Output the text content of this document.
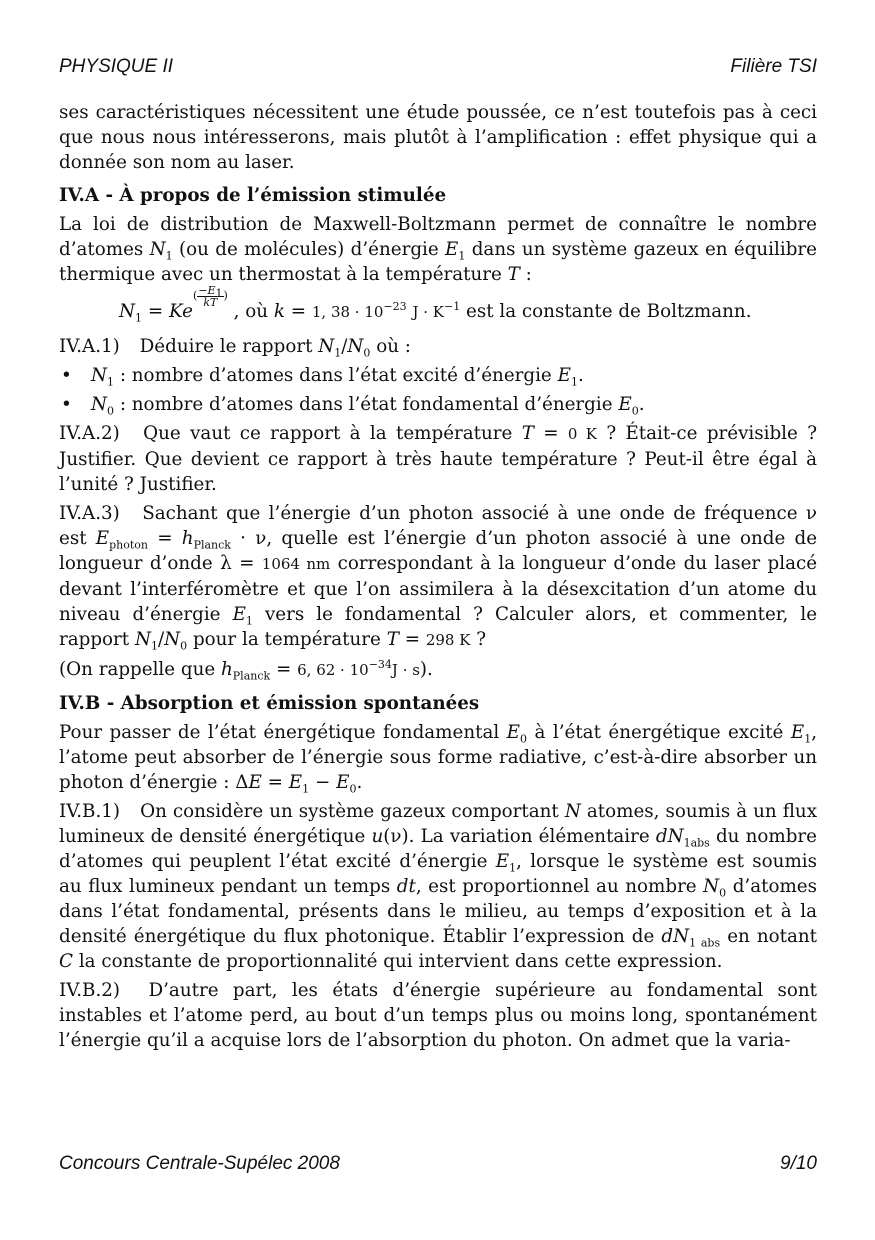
PHYSIQUE II	Filière TSI

ses caractéristiques nécessitent une étude poussée, ce n’est toutefois pas à ceci que nous nous intéresserons, mais plutôt à l’amplification : effet physique qui a donnée son nom au laser.

IV.A - À propos de l’émission stimulée

La loi de distribution de Maxwell-Boltzmann permet de connaître le nombre d’atomes $N_1$ (ou de molécules) d’énergie $E_1$ dans un système gazeux en équilibre thermique avec un thermostat à la température T :

$N_1 = Ke( \frac{-E_1}{kT}$ ) , où k = 1, $38 \cdot 10^{-23}$ $J \cdot K^{-1}$ est la constante de Boltzmann.

IV.A.1) Déduire le rapport $N_1/N_0$ où :

•	$N_1$ : nombre d’atomes dans l’état excité d’énergie $E_1$.
•	$N_0$ : nombre d’atomes dans l’état fondamental d’énergie $E_0$.

IV.A.2) Que vaut ce rapport à la température T = 0 K ? Était-ce prévisible ? Justifier. Que devient ce rapport à très haute température ? Peut-il être égal à l’unité ? Justifier.

IV.A.3) Sachant que l’énergie d’un photon associé à une onde de fréquence ν est $E_{photon} = h_{Planck} \cdot \nu$, quelle est l’énergie d’un photon associé à une onde de longueur d’onde λ = 1064 nm correspondant à la longueur d’onde du laser placé devant l’interféromètre et que l’on assimilera à la désexcitation d’un atome du niveau d’énergie $E_1$ vers le fondamental ? Calculer alors, et commenter, le rapport $N_1/N_0$ pour la température T = 298 K ?

(On rappelle que $h_{Planck} = 6$, $62 \cdot 10^{-34}J \cdot s$).

IV.B - Absorption et émission spontanées

Pour passer de l’état énergétique fondamental $E_0$ à l’état énergétique excité $E_1$, l’atome peut absorber de l’énergie sous forme radiative, c’est-à-dire absorber un photon d’énergie : $\Delta E = E_1 - E_0$.

IV.B.1) On considère un système gazeux comportant N atomes, soumis à un flux lumineux de densité énergétique u(ν). La variation élémentaire $dN_{1abs}$ du nombre d’atomes qui peuplent l’état excité d’énergie $E_1$, lorsque le système est soumis au flux lumineux pendant un temps dt, est proportionnel au nombre $N_0$ d’atomes dans l’état fondamental, présents dans le milieu, au temps d’exposition et à la densité énergétique du flux photonique. Établir l’expression de $dN_{1 abs}$ en notant C la constante de proportionnalité qui intervient dans cette expression.

IV.B.2) D’autre part, les états d’énergie supérieure au fondamental sont instables et l’atome perd, au bout d’un temps plus ou moins long, spontanément l’énergie qu’il a acquise lors de l’absorption du photon. On admet que la varia-

Concours Centrale-Supélec 2008	9/10
